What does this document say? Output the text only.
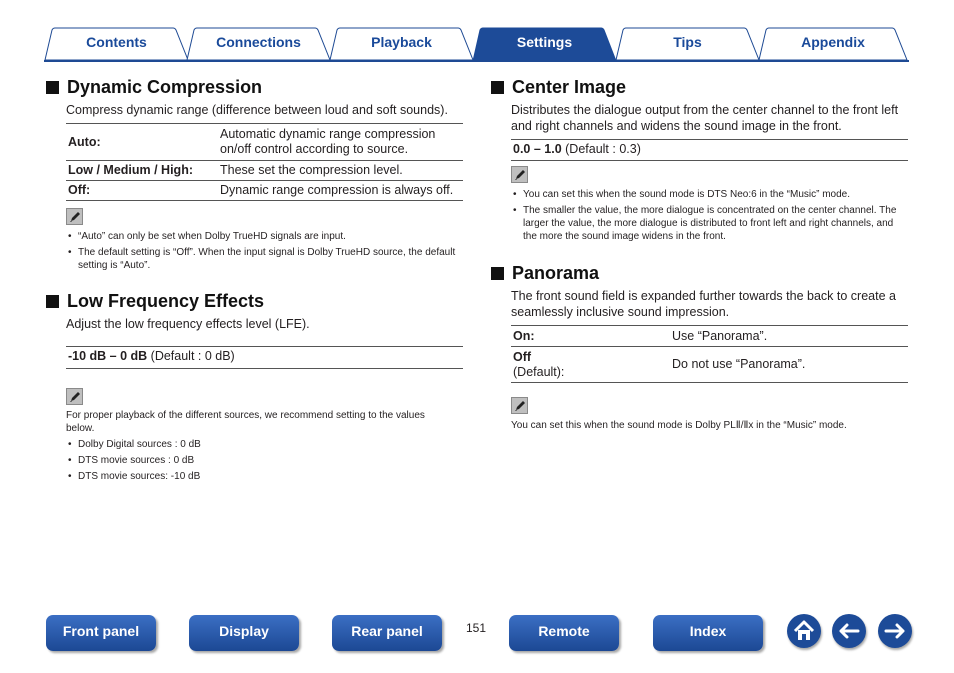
Contents	Connections	Playback	Tips	Appendix
Settings
Dynamic Compression
Compress dynamic range (difference between loud and soft sounds).
Auto:	Automatic dynamic range compression on/off control according to source.
Low / Medium / High:	These set the compression level.
Off:	Dynamic range compression is always off.
• “Auto” can only be set when Dolby TrueHD signals are input.
• The default setting is “Off”. When the input signal is Dolby TrueHD source, the default setting is “Auto”.
Low Frequency Effects
Adjust the low frequency effects level (LFE).
-10 dB – 0 dB (Default : 0 dB)
For proper playback of the different sources, we recommend setting to the values below.
• Dolby Digital sources : 0 dB
• DTS movie sources : 0 dB
• DTS movie sources: -10 dB
Center Image
Distributes the dialogue output from the center channel to the front left and right channels and widens the sound image in the front.
0.0 – 1.0 (Default : 0.3)
• You can set this when the sound mode is DTS Neo:6 in the “Music” mode.
• The smaller the value, the more dialogue is concentrated on the center channel. The larger the value, the more dialogue is distributed to front left and right channels, and the more the sound image widens in the front.
Panorama
The front sound field is expanded further towards the back to create a seamlessly inclusive sound impression.
On:	Use “Panorama”.

Off
(Default):	Do not use “Panorama”.
You can set this when the sound mode is Dolby PLⅡ/Ⅱx in the “Music” mode.
Front panel	Display	Rear panel	151	Remote	Index
